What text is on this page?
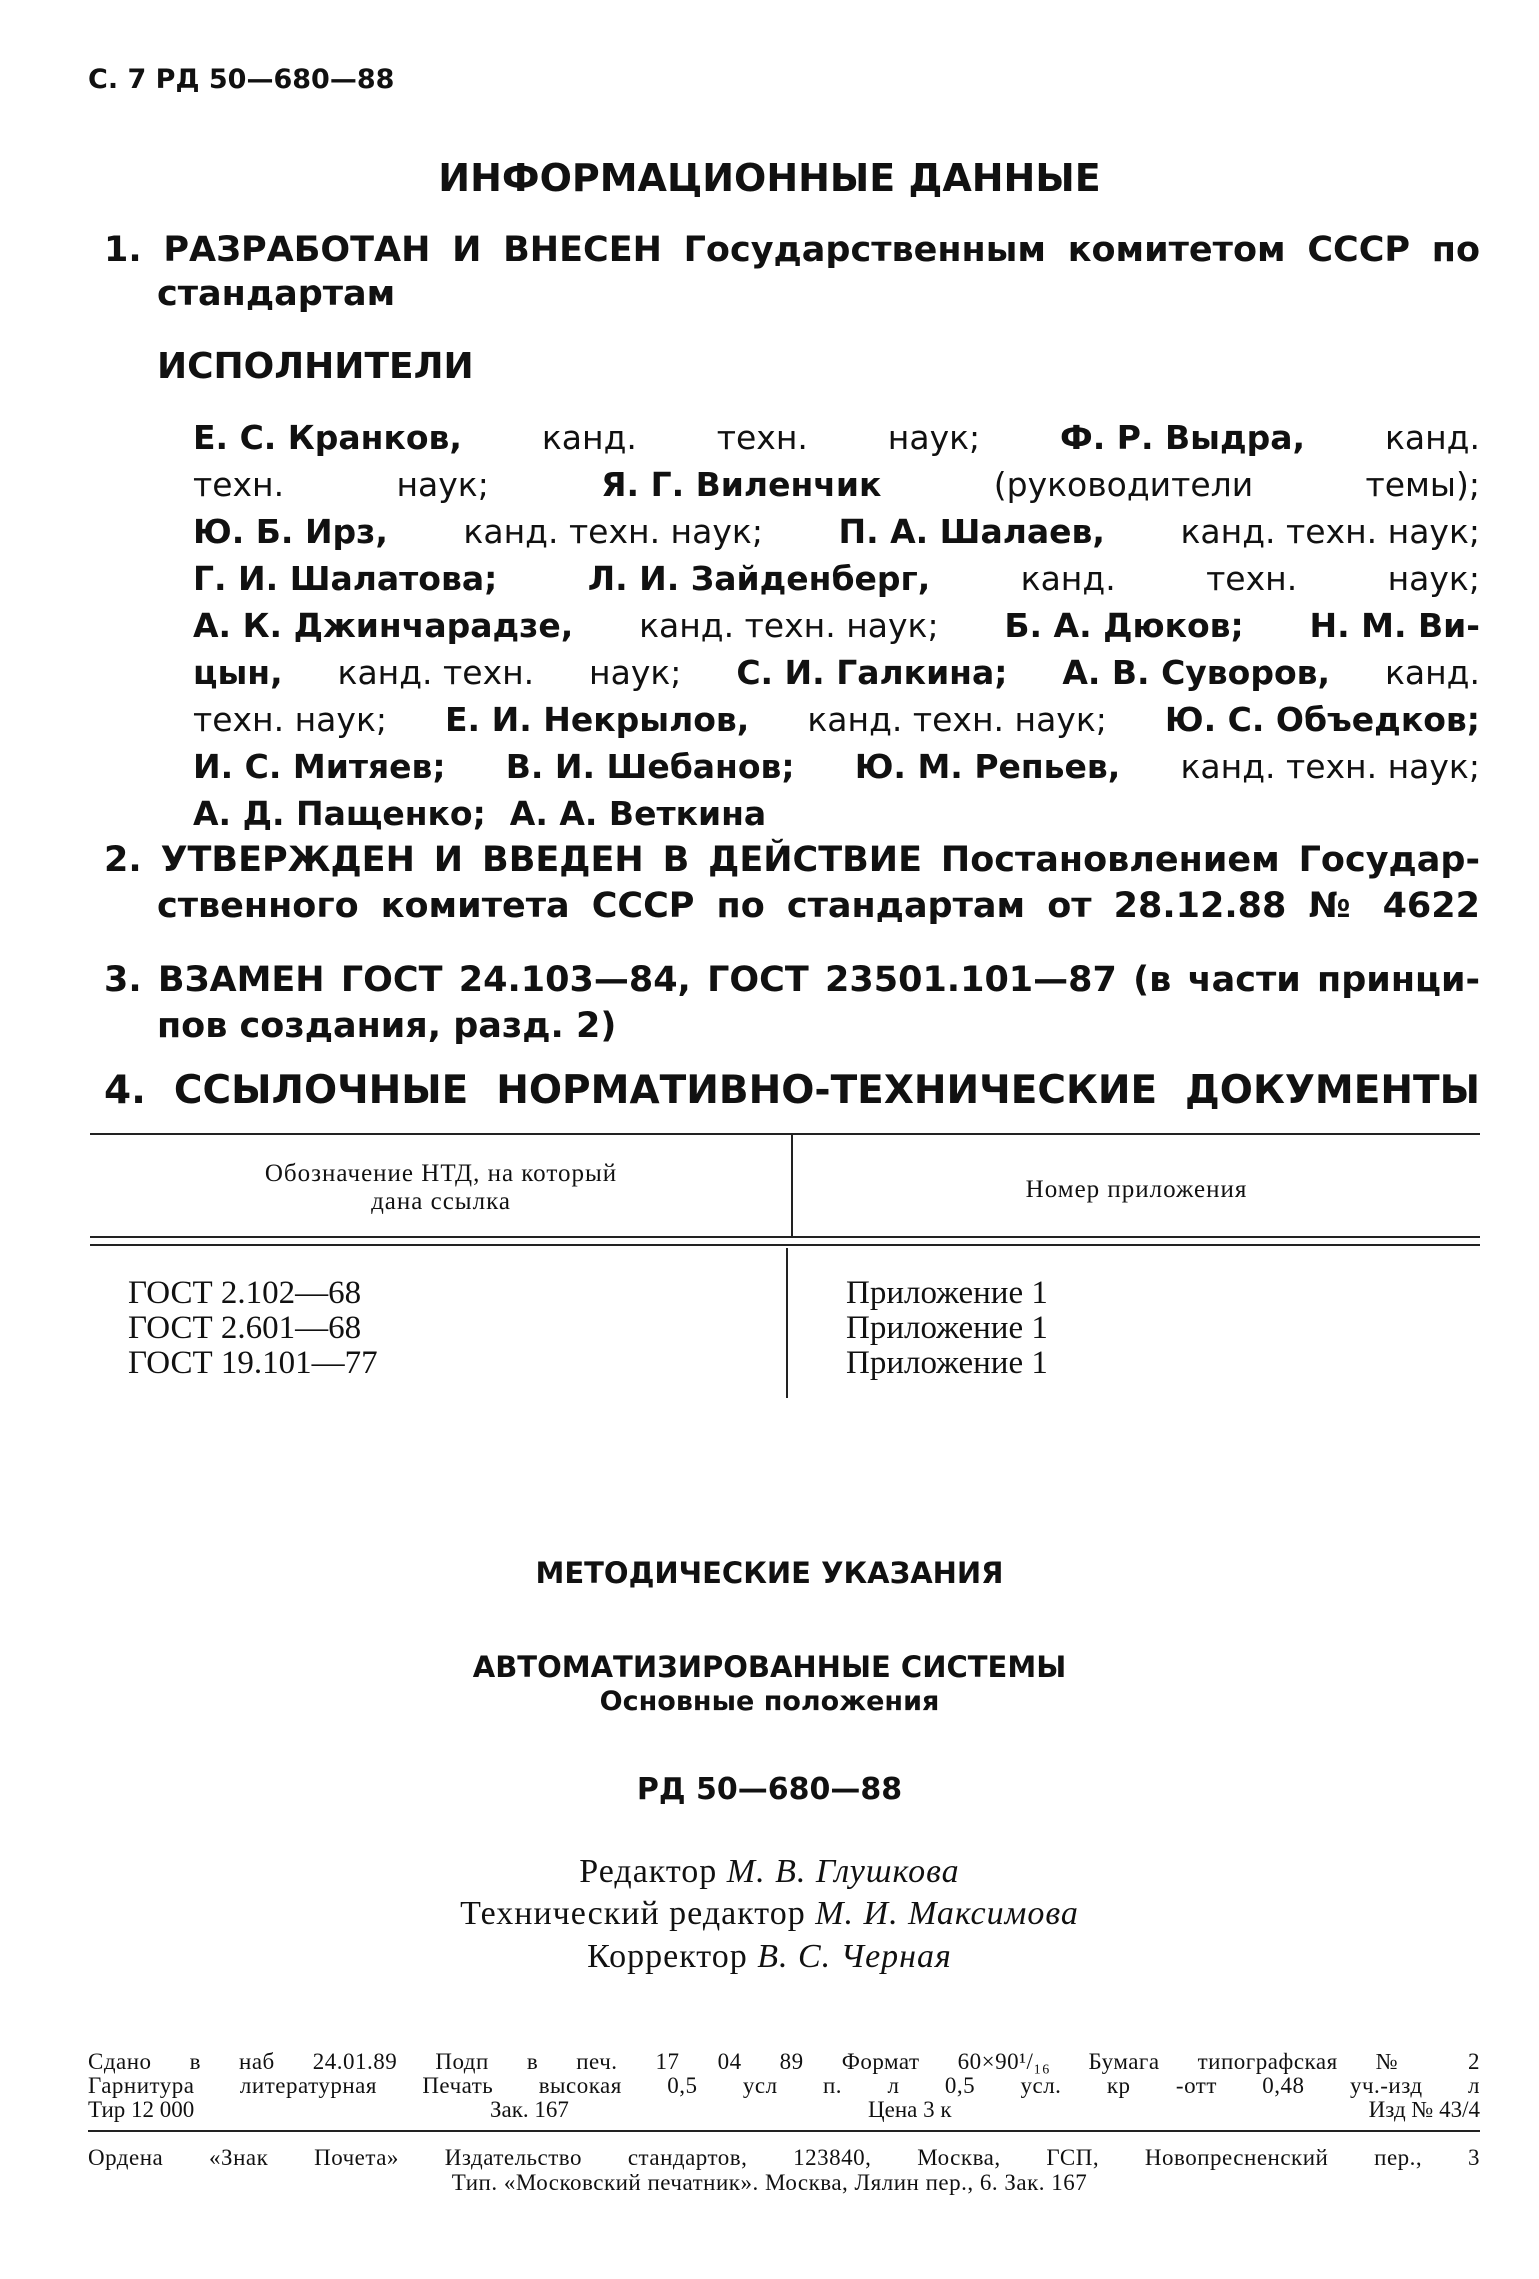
С. 7 РД 50—680—88
ИНФОРМАЦИОННЫЕ ДАННЫЕ
1. РАЗРАБОТАН И ВНЕСЕН Государственным комитетом СССР по
стандартам
ИСПОЛНИТЕЛИ
Е. С. Кранков, канд. техн. наук; Ф. Р. Выдра, канд.
техн.	наук;	Я. Г. Виленчик	(руководители	темы);
Ю. Б. Ирз, канд. техн. наук; П. А. Шалаев, канд. техн. наук;
Г. И. Шалатова;	Л. И. Зайденберг,	канд.	техн.	наук;
А. К. Джинчарадзе, канд. техн. наук; Б. А. Дюков; Н. М. Ви-
цын, канд. техн. наук; С. И. Галкина; А. В. Суворов, канд.
техн. наук; Е. И. Некрылов, канд. техн. наук; Ю. С. Объедков;
И. С. Митяев; В. И. Шебанов; Ю. М. Репьев, канд. техн. наук;
А. Д. Пащенко; А. А. Веткина
2. УТВЕРЖДЕН И ВВЕДЕН В ДЕЙСТВИЕ Постановлением Государ-
ственного комитета СССР по стандартам от 28.12.88 № 4622
3. ВЗАМЕН ГОСТ 24.103—84, ГОСТ 23501.101—87 (в части принци-
пов создания, разд. 2)
4. ССЫЛОЧНЫЕ НОРМАТИВНО-ТЕХНИЧЕСКИЕ ДОКУМЕНТЫ
Обозначение НТД, на который
дана ссылка	Номер приложения
ГОСТ 2.102—68	Приложение 1
ГОСТ 2.601—68	Приложение 1
ГОСТ 19.101—77	Приложение 1
МЕТОДИЧЕСКИЕ УКАЗАНИЯ
АВТОМАТИЗИРОВАННЫЕ СИСТЕМЫ
Основные положения
РД 50—680—88
Редактор М. В. Глушкова
Технический редактор М. И. Максимова
Корректор В. С. Черная
Сдано в наб 24.01.89 Подп в печ. 17 04 89 Формат 60×90¹/₁₆ Бумага типографская № 2
Гарнитура литературная Печать высокая 0,5 усл п. л 0,5 усл. кр -отт 0,48 уч.-изд л
Тир 12 000	Зак. 167	Цена 3 к	Изд № 43/4
Ордена «Знак Почета» Издательство стандартов, 123840, Москва, ГСП, Новопресненский пер., 3
Тип. «Московский печатник». Москва, Лялин пер., 6. Зак. 167
